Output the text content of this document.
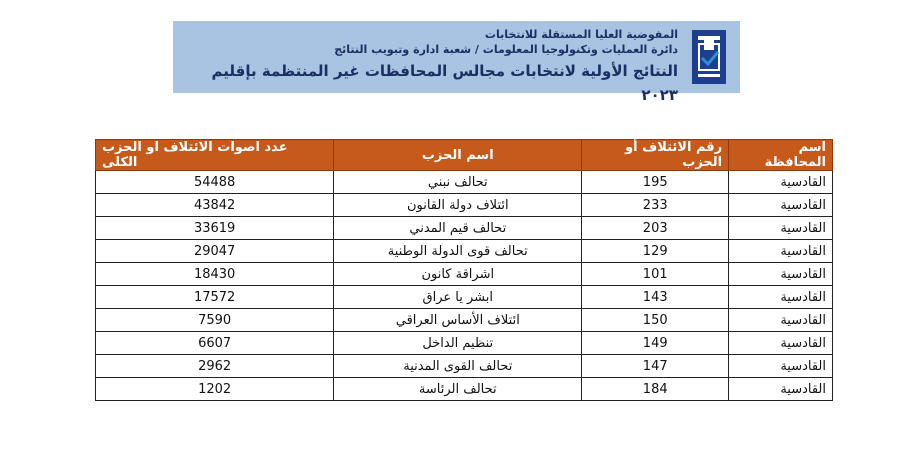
المفوضية العليا المستقلة للانتخابات
دائرة العمليات وتكنولوجيا المعلومات / شعبة ادارة وتبويب النتائج
النتائج الأولية لانتخابات مجالس المحافظات غير المنتظمة بإقليم ٢٠٢٣
اسم المحافظة	رقم الائتلاف أو الحزب	اسم الحزب	عدد اصوات الائتلاف او الحزب الكلى
القادسية	195	تحالف نبني	54488
القادسية	233	ائتلاف دولة القانون	43842
القادسية	203	تحالف قيم المدني	33619
القادسية	129	تحالف قوى الدولة الوطنية	29047
القادسية	101	اشراقة كانون	18430
القادسية	143	ابشر يا عراق	17572
القادسية	150	ائتلاف الأساس العراقي	7590
القادسية	149	تنظيم الداخل	6607
القادسية	147	تحالف القوى المدنية	2962
القادسية	184	تحالف الرئاسة	1202
